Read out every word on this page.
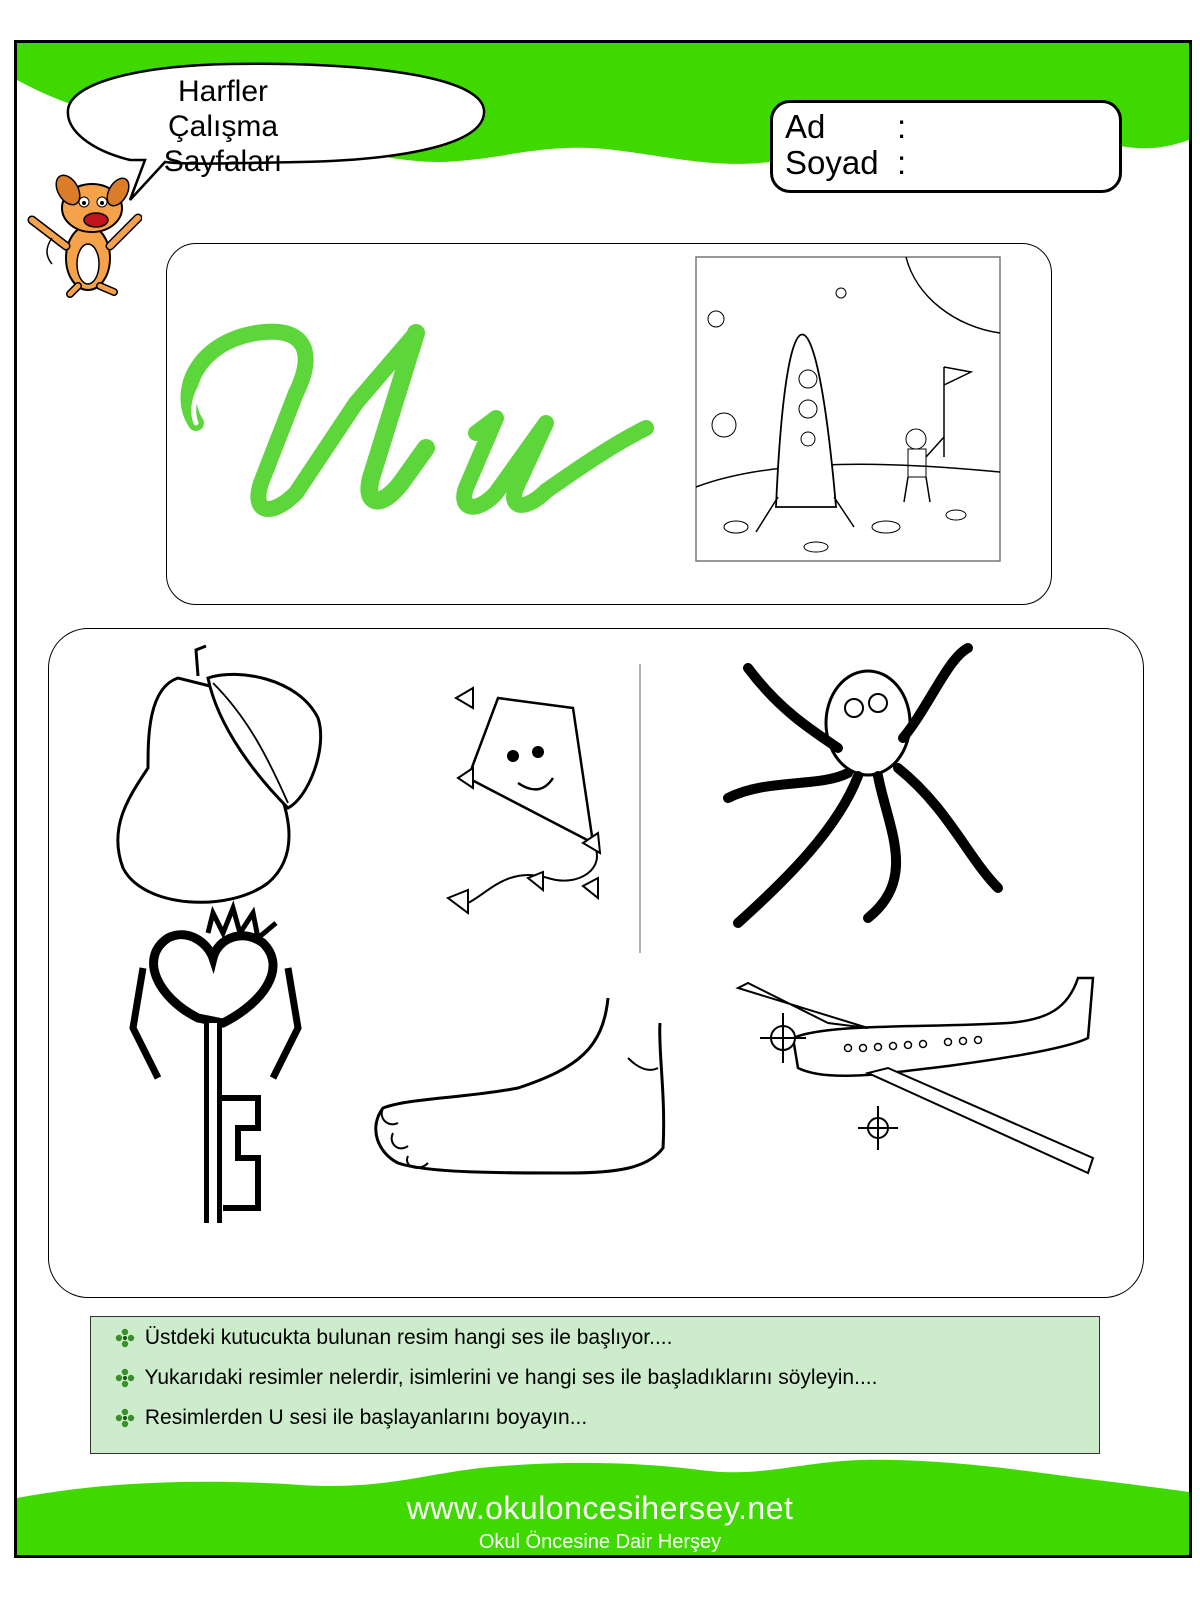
Harfler
Çalışma Sayfaları
Ad :
Soyad :
Üstdeki kutucukta bulunan resim hangi ses ile başlıyor....
Yukarıdaki resimler nelerdir, isimlerini ve hangi ses ile başladıklarını söyleyin....
Resimlerden U sesi ile başlayanlarını boyayın...
www.okuloncesihersey.net
Okul Öncesine Dair Herşey
